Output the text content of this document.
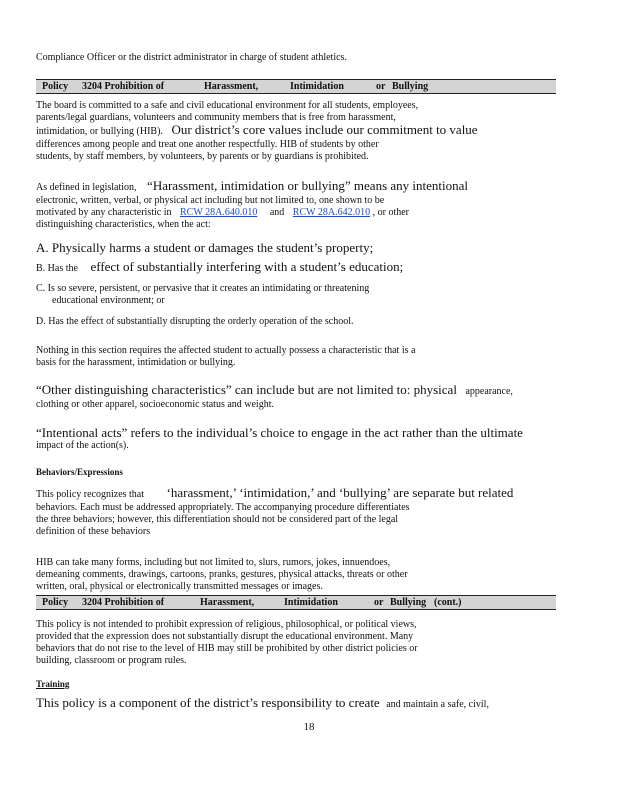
Compliance Officer or the district administrator in charge of student athletics.
Policy 3204 Prohibition of	Harassment,	Intimidation	or Bullying
The board is committed to a safe and civil educational environment for all students, employees,
parents/legal guardians, volunteers and community members that is free from harassment,
intimidation, or bullying (HIB). Our district’s core values include our commitment to value
differences among people and treat one another respectfully. HIB of students by other
students, by staff members, by volunteers, by parents or by guardians is prohibited.
As defined in legislation, “Harassment, intimidation or bullying” means any intentional
electronic, written, verbal, or physical act including but not limited to, one shown to be
motivated by any characteristic in RCW 28A.640.010 and RCW 28A.642.010 , or other
distinguishing characteristics, when the act:
A. Physically harms a student or damages the student’s property;
B. Has the effect of substantially interfering with a student’s education;
C. Is so severe, persistent, or pervasive that it creates an intimidating or threatening
educational environment; or
D. Has the effect of substantially disrupting the orderly operation of the school.
Nothing in this section requires the affected student to actually possess a characteristic that is a
basis for the harassment, intimidation or bullying.
“Other distinguishing characteristics” can include but are not limited to: physical appearance,
clothing or other apparel, socioeconomic status and weight.
“Intentional acts” refers to the individual’s choice to engage in the act rather than the ultimate
impact of the action(s).
Behaviors/Expressions
This policy recognizes that ‘harassment,’ ‘intimidation,’ and ‘bullying’ are separate but related
behaviors. Each must be addressed appropriately. The accompanying procedure differentiates
the three behaviors; however, this differentiation should not be considered part of the legal
definition of these behaviors
HIB can take many forms, including but not limited to, slurs, rumors, jokes, innuendoes,
demeaning comments, drawings, cartoons, pranks, gestures, physical attacks, threats or other
written, oral, physical or electronically transmitted messages or images.
Policy 3204 Prohibition of	Harassment,	Intimidation	or Bullying (cont.)
This policy is not intended to prohibit expression of religious, philosophical, or political views,
provided that the expression does not substantially disrupt the educational environment. Many
behaviors that do not rise to the level of HIB may still be prohibited by other district policies or
building, classroom or program rules.
Training
This policy is a component of the district’s responsibility to create and maintain a safe, civil,
18
